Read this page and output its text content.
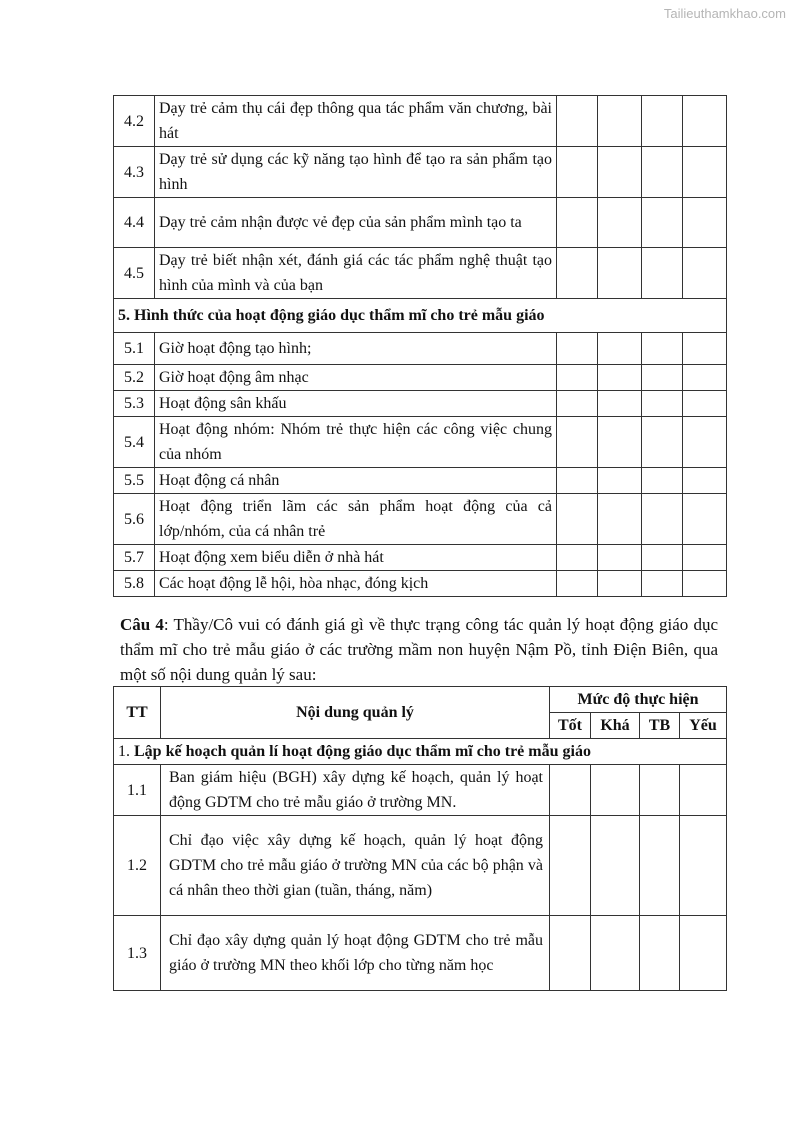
Tailieuthamkhao.com
4.2	Dạy trẻ cảm thụ cái đẹp thông qua tác phẩm văn chương, bài hát				
4.3	Dạy trẻ sử dụng các kỹ năng tạo hình để tạo ra sản phẩm tạo hình				
4.4	Dạy trẻ cảm nhận được vẻ đẹp của sản phẩm mình tạo ta				
4.5	Dạy trẻ biết nhận xét, đánh giá các tác phẩm nghệ thuật tạo hình của mình và của bạn				
5. Hình thức của hoạt động giáo dục thẩm mĩ cho trẻ mẫu giáo					
5.1	Giờ hoạt động tạo hình;				
5.2	Giờ hoạt động âm nhạc				
5.3	Hoạt động sân khấu				
5.4	Hoạt động nhóm: Nhóm trẻ thực hiện các công việc chung của nhóm				
5.5	Hoạt động cá nhân				
5.6	Hoạt động triển lãm các sản phẩm hoạt động của cả lớp/nhóm, của cá nhân trẻ				
5.7	Hoạt động xem biểu diễn ở nhà hát				
5.8	Các hoạt động lễ hội, hòa nhạc, đóng kịch				

Câu 4: Thầy/Cô vui có đánh giá gì về thực trạng công tác quản lý hoạt động giáo dục thẩm mĩ cho trẻ mẫu giáo ở các trường mầm non huyện Nậm Pồ, tỉnh Điện Biên, qua một số nội dung quản lý sau:

TT	Nội dung quản lý	Mức độ thực hiện			
		Tốt	Khá	TB	Yếu
1. Lập kế hoạch quản lí hoạt động giáo dục thẩm mĩ cho trẻ mẫu giáo					
1.1	Ban giám hiệu (BGH) xây dựng kế hoạch, quản lý hoạt động GDTM cho trẻ mẫu giáo ở trường MN.				
1.2	Chỉ đạo việc xây dựng kế hoạch, quản lý hoạt động GDTM cho trẻ mẫu giáo ở trường MN của các bộ phận và cá nhân theo thời gian (tuần, tháng, năm)				
1.3	Chỉ đạo xây dựng quản lý hoạt động GDTM cho trẻ mẫu giáo ở trường MN theo khối lớp cho từng năm học				
